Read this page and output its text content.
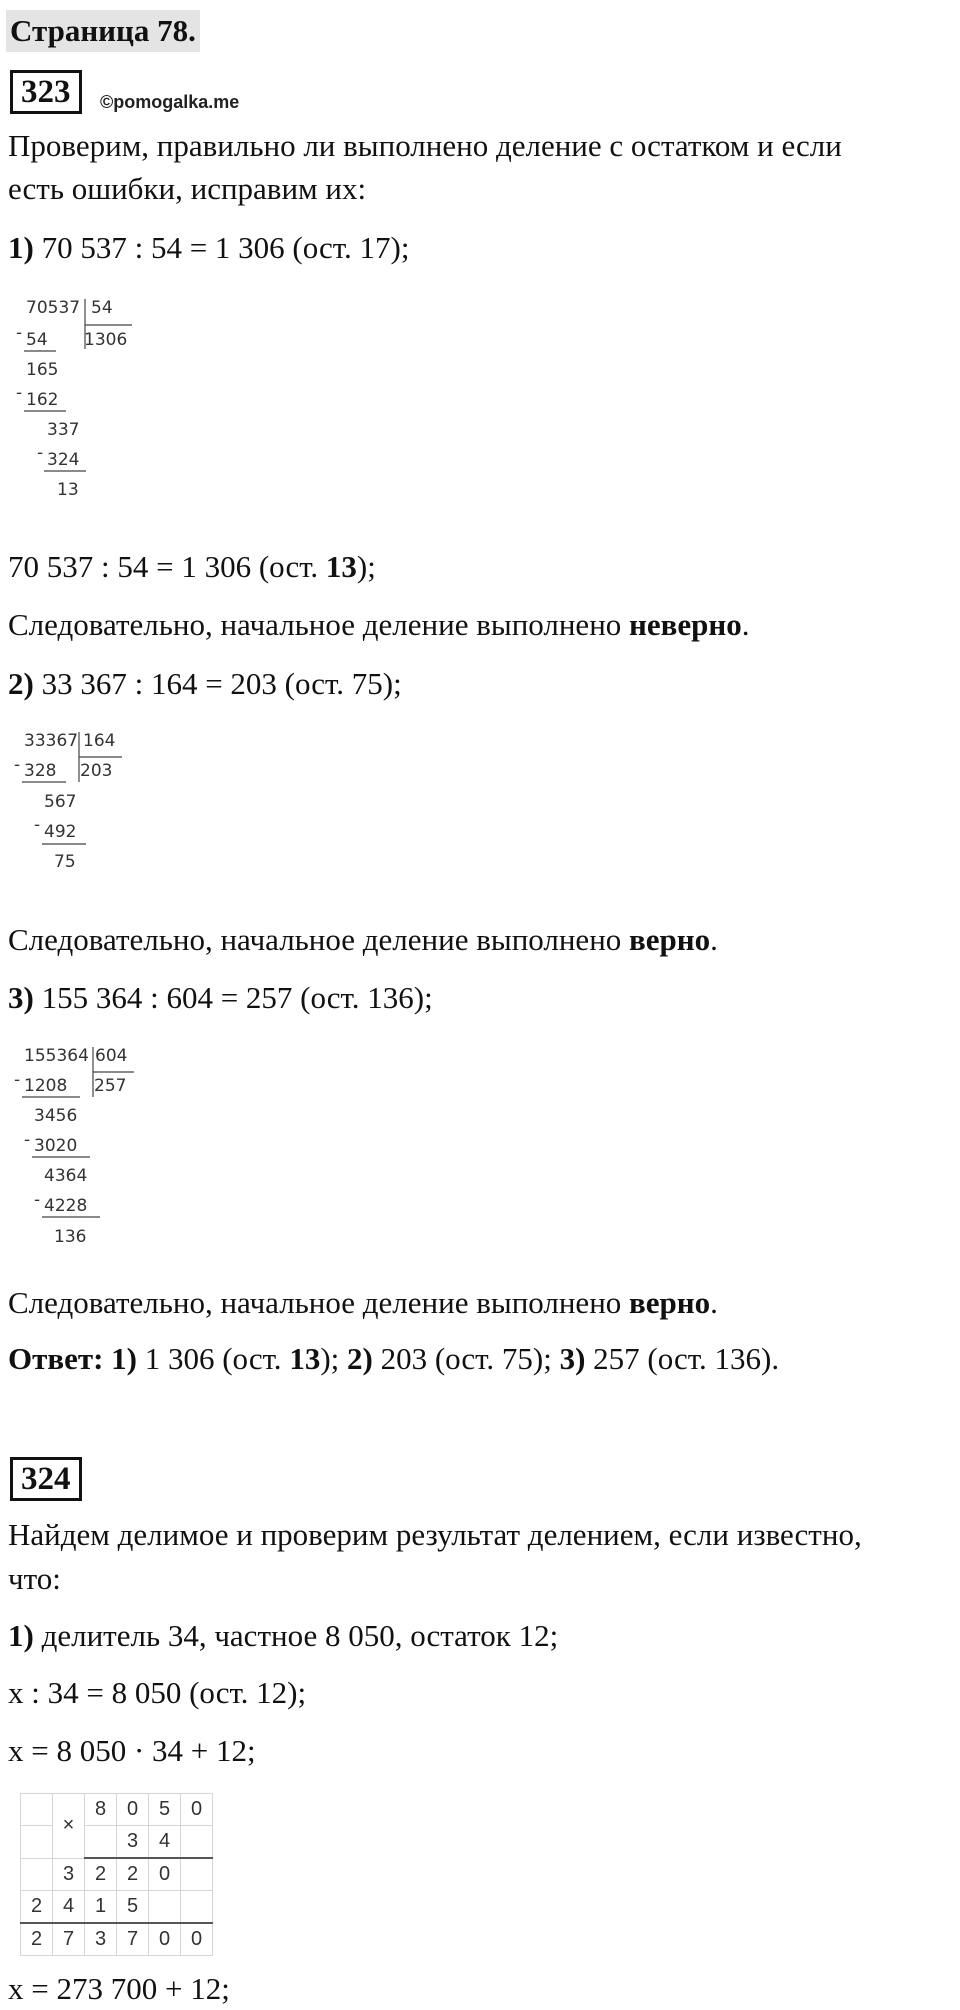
Страница 78.
323	©pomogalka.me
Проверим, правильно ли выполнено деление с остатком и если
есть ошибки, исправим их:
1) 70 537 : 54 = 1 306 (ост. 17);
70537 54
1306
54
165
162
337
324
13
-
-
-
70 537 : 54 = 1 306 (ост. 13);
Следовательно, начальное деление выполнено неверно.
2) 33 367 : 164 = 203 (ост. 75);
33367 164
203
328
567
492
75
-
-
Следовательно, начальное деление выполнено верно.
3) 155 364 : 604 = 257 (ост. 136);
155364 604
257
1208
3456
3020
4364
4228
136
-
-
-
Следовательно, начальное деление выполнено верно.
Ответ: 1) 1 306 (ост. 13); 2) 203 (ост. 75); 3) 257 (ост. 136).
324
Найдем делимое и проверим результат делением, если известно,
что:
1) делитель 34, частное 8 050, остаток 12;
x : 34 = 8 050 (ост. 12);
x = 8 050 · 34 + 12;
	×	8	0	5	0
			3	4	
	3	2	2	0	
2	4	1	5		
2	7	3	7	0	0
x = 273 700 + 12;
